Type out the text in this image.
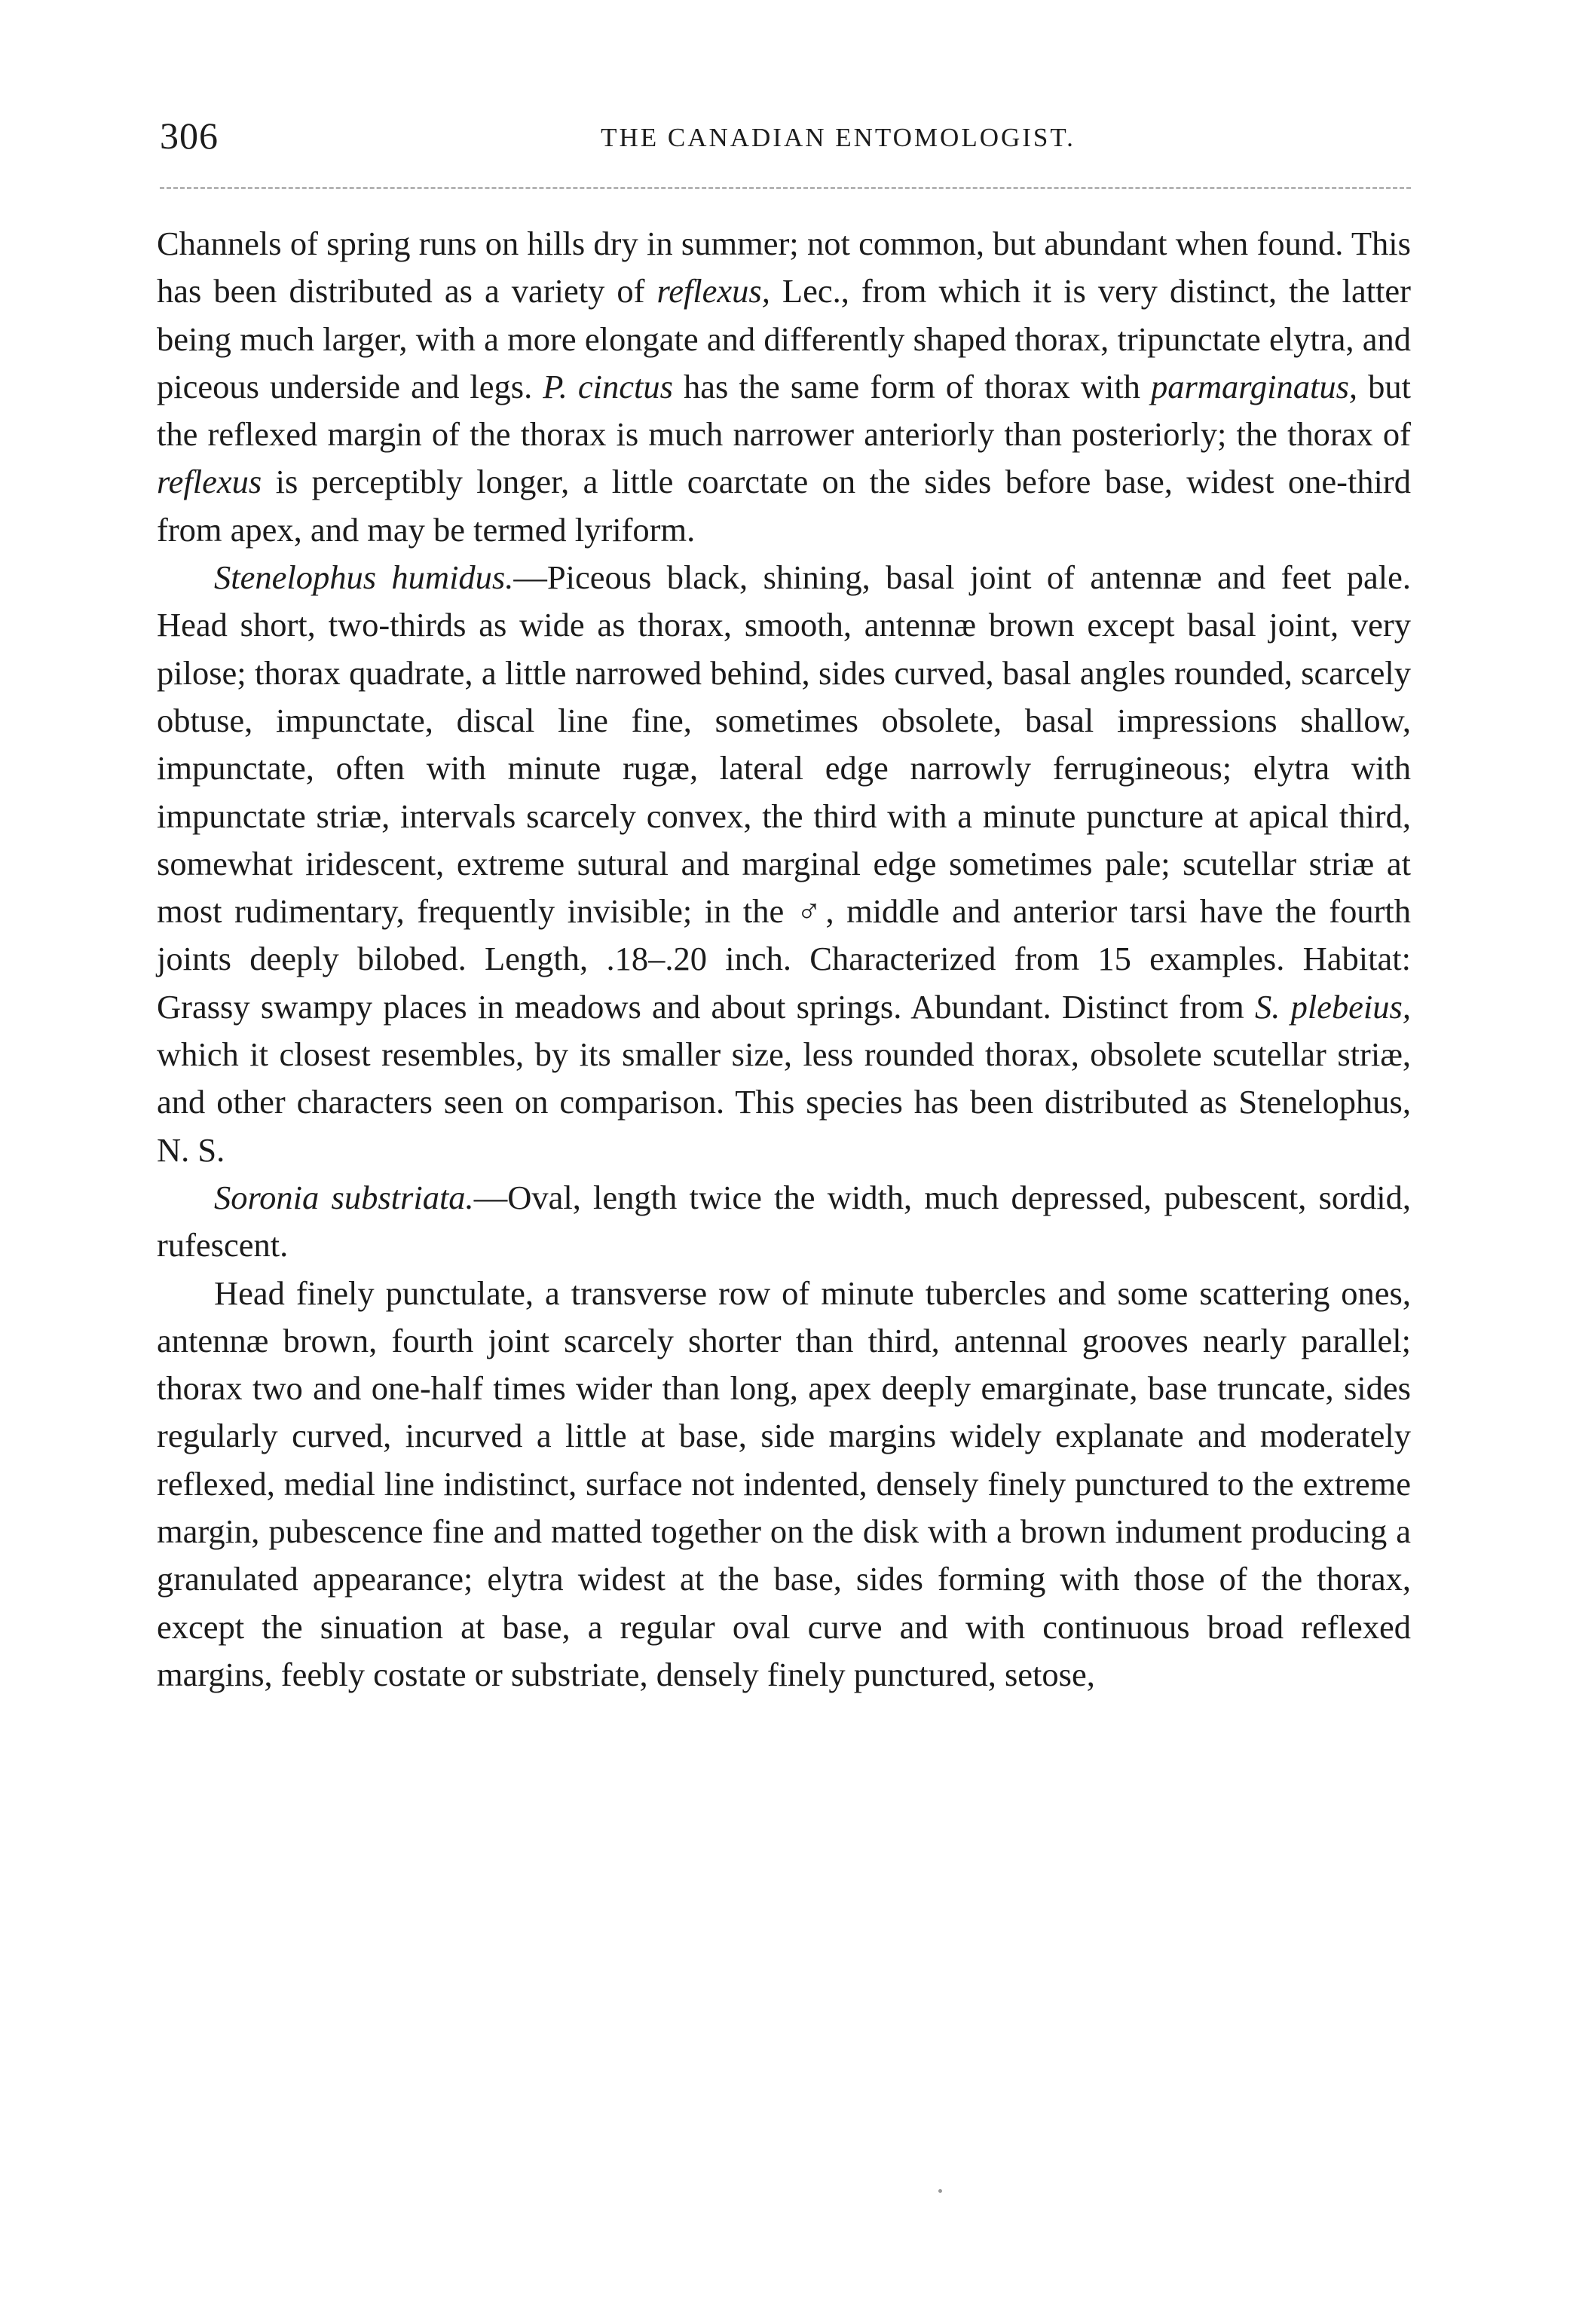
306	THE CANADIAN ENTOMOLOGIST.

Channels of spring runs on hills dry in summer; not common, but abundant when found. This has been distributed as a variety of reflexus, Lec., from which it is very distinct, the latter being much larger, with a more elongate and differently shaped thorax, tripunctate elytra, and piceous underside and legs. P. cinctus has the same form of thorax with parmarginatus, but the reflexed margin of the thorax is much narrower anteriorly than posteriorly; the thorax of reflexus is perceptibly longer, a little coarctate on the sides before base, widest one-third from apex, and may be termed lyriform.

Stenelophus humidus.—Piceous black, shining, basal joint of antennæ and feet pale. Head short, two-thirds as wide as thorax, smooth, antennæ brown except basal joint, very pilose; thorax quadrate, a little narrowed behind, sides curved, basal angles rounded, scarcely obtuse, impunctate, discal line fine, sometimes obsolete, basal impressions shallow, impunctate, often with minute rugæ, lateral edge narrowly ferrugineous; elytra with impunctate striæ, intervals scarcely convex, the third with a minute puncture at apical third, somewhat iridescent, extreme sutural and marginal edge sometimes pale; scutellar striæ at most rudimentary, frequently invisible; in the ♂, middle and anterior tarsi have the fourth joints deeply bilobed. Length, .18–.20 inch. Characterized from 15 examples. Habitat: Grassy swampy places in meadows and about springs. Abundant. Distinct from S. plebeius, which it closest resembles, by its smaller size, less rounded thorax, obsolete scutellar striæ, and other characters seen on comparison. This species has been distributed as Stenelophus, N. S.

Soronia substriata.—Oval, length twice the width, much depressed, pubescent, sordid, rufescent.

Head finely punctulate, a transverse row of minute tubercles and some scattering ones, antennæ brown, fourth joint scarcely shorter than third, antennal grooves nearly parallel; thorax two and one-half times wider than long, apex deeply emarginate, base truncate, sides regularly curved, incurved a little at base, side margins widely explanate and moderately reflexed, medial line indistinct, surface not indented, densely finely punctured to the extreme margin, pubescence fine and matted together on the disk with a brown indument producing a granulated appearance; elytra widest at the base, sides forming with those of the thorax, except the sinuation at base, a regular oval curve and with continuous broad reflexed margins, feebly costate or substriate, densely finely punctured, setose,
